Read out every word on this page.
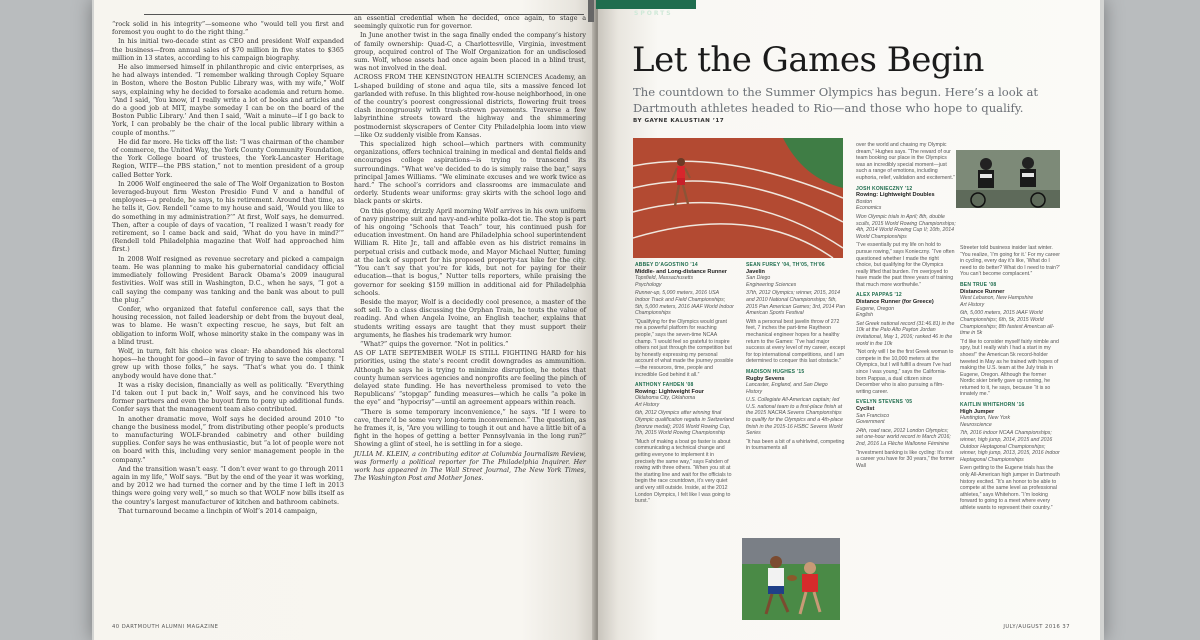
“rock solid in his integrity”—someone who “would tell you first and foremost you ought to do the right thing.”

In his initial two-decade stint as CEO and president Wolf expanded the business—from annual sales of $70 million in five states to $365 million in 13 states, according to his campaign biography.

He also immersed himself in philanthropic and civic enterprises, as he had always intended. “I remember walking through Copley Square in Boston, where the Boston Public Library was, with my wife,” Wolf says, explaining why he decided to forsake academia and return home. “And I said, ‘You know, if I really write a lot of books and articles and do a good job at MIT, maybe someday I can be on the board of the Boston Public Library.’ And then I said, ‘Wait a minute—if I go back to York, I can probably be the chair of the local public library within a couple of months.’”

He did far more. He ticks off the list: “I was chairman of the chamber of commerce, the United Way, the York County Community Foundation, the York College board of trustees, the York-Lancaster Heritage Region, WITF—the PBS station,” not to mention president of a group called Better York.

In 2006 Wolf engineered the sale of The Wolf Organization to Boston leveraged-buyout firm Weston Presidio Fund V and a handful of employees—a prelude, he says, to his retirement. Around that time, as he tells it, Gov. Rendell “came to my house and said, ‘Would you like to do something in my administration?’” At first, Wolf says, he demurred. Then, after a couple of days of vacation, “I realized I wasn’t ready for retirement, so I came back and said, ‘What do you have in mind?’” (Rendell told Philadelphia magazine that Wolf had approached him first.)

In 2008 Wolf resigned as revenue secretary and picked a campaign team. He was planning to make his gubernatorial candidacy official immediately following President Barack Obama’s 2009 inaugural festivities. Wolf was still in Washington, D.C., when he says, “I got a call saying the company was tanking and the bank was about to pull the plug.”

Confer, who organized that fateful conference call, says that the housing recession, not failed leadership or debt from the buyout deal, was to blame. He wasn’t expecting rescue, he says, but felt an obligation to inform Wolf, whose minority stake in the company was in a blind trust.

Wolf, in turn, felt his choice was clear: He abandoned his electoral hopes—he thought for good—in favor of trying to save the company. “I grew up with those folks,” he says. “That’s what you do. I think anybody would have done that.”

It was a risky decision, financially as well as politically. “Everything I’d taken out I put back in,” Wolf says, and he convinced his two former partners and even the buyout firm to pony up additional funds. Confer says that the management team also contributed.

In another dramatic move, Wolf says he decided around 2010 “to change the business model,” from distributing other people’s products to manufacturing WOLF-branded cabinetry and other building supplies. Confer says he was enthusiastic, but “a lot of people were not on board with this, including very senior management people in the company.”

And the transition wasn’t easy. “I don’t ever want to go through 2011 again in my life,” Wolf says. “But by the end of the year it was working, and by 2012 we had turned the corner and by the time I left in 2013 things were going very well,” so much so that WOLF now bills itself as the country’s largest manufacturer of kitchen and bathroom cabinets.

That turnaround became a linchpin of Wolf’s 2014 campaign,

an essential credential when he decided, once again, to stage a seemingly quixotic run for governor.

In June another twist in the saga finally ended the company’s history of family ownership: Quad-C, a Charlottesville, Virginia, investment group, acquired control of The Wolf Organization for an undisclosed sum. Wolf, whose assets had once again been placed in a blind trust, was not involved in the deal.

ACROSS FROM THE KENSINGTON HEALTH SCIENCES Academy, an L-shaped building of stone and aqua tile, sits a massive fenced lot garlanded with refuse. In this blighted row-house neighborhood, in one of the country’s poorest congressional districts, flowering fruit trees clash incongruously with trash-strewn pavements. Traverse a few labyrinthine streets toward the highway and the shimmering postmodernist skyscrapers of Center City Philadelphia loom into view—like Oz suddenly visible from Kansas.

This specialized high school—which partners with community organizations, offers technical training in medical and dental fields and encourages college aspirations—is trying to transcend its surroundings. “What we’ve decided to do is simply raise the bar,” says principal James Williams. “We eliminate excuses and we work twice as hard.” The school’s corridors and classrooms are immaculate and orderly. Students wear uniforms: gray skirts with the school logo and black pants or skirts.

On this gloomy, drizzly April morning Wolf arrives in his own uniform of navy pinstripe suit and navy-and-white polka-dot tie. The stop is part of his ongoing “Schools that Teach” tour, his continued push for education investment. On hand are Philadelphia school superintendent William R. Hite Jr., tall and affable even as his district remains in perpetual crisis and cutback mode, and Mayor Michael Nutter, fuming at the lack of support for his proposed property-tax hike for the city. “You can’t say that you’re for kids, but not for paying for their education—that is bogus,” Nutter tells reporters, while praising the governor for seeking $159 million in additional aid for Philadelphia schools.

Beside the mayor, Wolf is a decidedly cool presence, a master of the soft sell. To a class discussing the Orphan Train, he touts the value of reading. And when Angela Ivoine, an English teacher, explains that students writing essays are taught that they must support their arguments, he flashes his trademark wry humor.

“What?” quips the governor. “Not in politics.”

AS OF LATE SEPTEMBER WOLF IS STILL FIGHTING HARD for his priorities, using the state’s recent credit downgrades as ammunition. Although he says he is trying to minimize disruption, he notes that county human services agencies and nonprofits are feeling the pinch of delayed state funding. He has nevertheless promised to veto the Republicans’ “stopgap” funding measures—which he calls “a poke in the eye” and “hypocrisy”—until an agreement appears within reach.

“There is some temporary inconvenience,” he says. “If I were to cave, there’d be some very long-term inconvenience.” The question, as he frames it, is, “Are you willing to tough it out and have a little bit of a fight in the hopes of getting a better Pennsylvania in the long run?” Showing a glint of steel, he is settling in for a siege.

JULIA M. KLEIN, a contributing editor at Columbia Journalism Review, was formerly a political reporter for The Philadelphia Inquirer. Her work has appeared in The Wall Street Journal, The New York Times, The Washington Post and Mother Jones.

40 DARTMOUTH ALUMNI MAGAZINE
ABBEY D’AGOSTINO ’14
Middle- and Long-distance Runner
Topsfield, Massachusetts
Psychology
Runner-up, 5,000 meters, 2016 USA Indoor Track and Field Championships; 5th, 5,000 meters, 2016 IAAF World Indoor Championships
“Qualifying for the Olympics would grant me a powerful platform for reaching people,” says the seven-time NCAA champ. “I would feel so grateful to inspire others not just through the competition but by honestly expressing my personal account of what made the journey possible—the resources, time, people and incredible God behind it all.”
ANTHONY FAHDEN ’08
Rowing: Lightweight Four
Oklahoma City, Oklahoma
Art History
6th, 2012 Olympics after winning final Olympic qualification regatta in Switzerland (bronze medal); 2016 World Rowing Cup, 7th, 2015 World Rowing Championship
“Much of making a boat go faster is about communicating a technical change and getting everyone to implement it in precisely the same way,” says Fahden of rowing with three others. “When you sit at the starting line and wait for the officials to begin the race countdown, it’s very quiet and very still outside. Inside, at the 2012 London Olympics, I felt like I was going to burst.”
SEAN FUREY ’04, TH’05, TH’06
Javelin
San Diego
Engineering Sciences
37th, 2012 Olympics; winner, 2015, 2014 and 2010 National Championships; 5th, 2015 Pan American Games; 3rd, 2014 Pan American Sports Festival
With a personal best javelin throw of 272 feet, 7 inches the part-time Raytheon mechanical engineer hopes for a healthy return to the Games: “I’ve had major success at every level of my career, except for top international competitions, and I am determined to conquer this last obstacle.”
MADISON HUGHES ’15
Rugby Sevens
Lancaster, England, and San Diego
History
U.S. Collegiate All-American captain; led U.S. national team to a first-place finish at the 2015 NACRA Sevens Championships to qualify for the Olympics and a 4th-place finish in the 2015-16 HSBC Sevens World Series
“It has been a bit of a whirlwind, competing in tournaments all
over the world and chasing my Olympic dream,” Hughes says. “The reward of our team booking our place in the Olympics was an incredibly special moment—just such a range of emotions, including euphoria, relief, validation and excitement.”
JOSH KONIECZNY ’12
Rowing: Lightweight Doubles
Boston
Economics
Won Olympic trials in April; 8th, double sculls, 2015 World Rowing Championships; 4th, 2014 World Rowing Cup II; 10th, 2014 World Championships
“I’ve essentially put my life on hold to pursue rowing,” says Konieczny. “I’ve often questioned whether I made the right choice, but qualifying for the Olympics really lifted that burden. I’m overjoyed to have made the past three years of training that much more worthwhile.”
ALEX PAPPAS ’12
Distance Runner (for Greece)
Eugene, Oregon
English
Set Greek national record (31:46.81) in the 10k at the Palo Alto Payton Jordan Invitational, May 1, 2016; ranked 46 in the world in the 10k
“Not only will I be the first Greek woman to compete in the 10,000 meters at the Olympics, but I will fulfill a dream I’ve had since I was young,” says the California-born Pappas, a dual citizen since December who is also pursuing a film-writing career.
EVELYN STEVENS ’05
Cyclist
San Francisco
Government
24th, road race, 2012 London Olympics; set one-hour world record in March 2016; 2nd, 2016 La Flèche Wallonne Féminine
“Investment banking is like cycling: It’s not a career you have for 30 years,” the former Wall
Streeter told business insider last winter. “You realize, ‘I’m going for it.’ For my career in cycling, every day it’s like, ‘What do I need to do better? What do I need to train?’ You can’t become complacent.”
BEN TRUE ’08
Distance Runner
West Lebanon, New Hampshire
Art History
6th, 5,000 meters, 2015 IAAF World Championships; 6th, 5k, 2015 World Championships; 8th fastest American all-time in 5k
“I’d like to consider myself fairly nimble and spry, but I really wish I had a start in my shoes!” the American 5k record-holder tweeted in May as he trained with hopes of making the U.S. team at the July trials in Eugene, Oregon. Although the former Nordic skier briefly gave up running, he returned to it, he says, because “it is so innately me.”
KAITLIN WHITEHORN ’16
High Jumper
Huntington, New York
Neuroscience
7th, 2016 indoor NCAA Championships; winner, high jump, 2014, 2015 and 2016 Outdoor Heptagonal Championships; winner, high jump, 2013, 2015, 2016 Indoor Heptagonal Championships
Even getting to the Eugene trials has the only All-American high jumper in Dartmouth history excited. “It’s an honor to be able to compete at the same level as professional athletes,” says Whitehorn. “I’m looking forward to going to a meet where every athlete wants to represent their country.”
JULY/AUGUST 2016 37
SPORTS
Let the Games Begin
The countdown to the Summer Olympics has begun. Here’s a look at Dartmouth athletes headed to Rio—and those who hope to qualify.
BY GAYNE KALUSTIAN ’17
